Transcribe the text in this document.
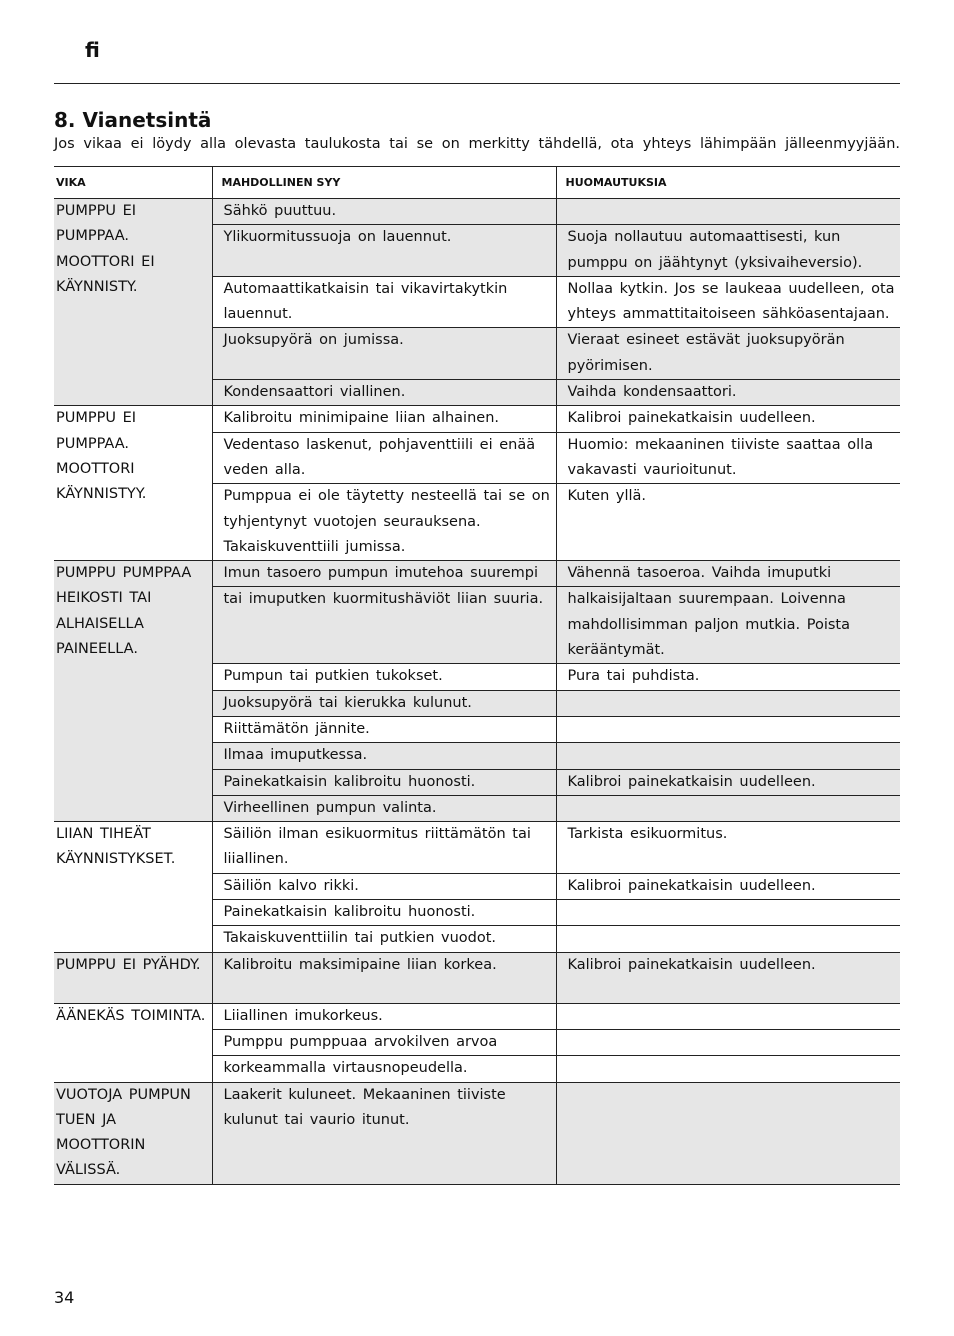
fi
8. Vianetsintä
Jos vikaa ei löydy alla olevasta taulukosta tai se on merkitty tähdellä, ota yhteys lähimpään jälleenmyyjään.
VIKA	MAHDOLLINEN SYY	HUOMAUTUKSIA
PUMPPU EI PUMPPAA. MOOTTORI EI KÄYNNISTY.	Sähkö puuttuu.	
	Ylikuormitussuoja on lauennut.	Suoja nollautuu automaattisesti, kun pumppu on jäähtynyt (yksivaiheversio).
	Automaattikatkaisin tai vikavirtakytkin lauennut.	Nollaa kytkin. Jos se laukeaa uudelleen, ota yhteys ammattitaitoiseen sähköasentajaan.
	Juoksupyörä on jumissa.	Vieraat esineet estävät juoksupyörän pyörimisen.
	Kondensaattori viallinen.	Vaihda kondensaattori.
PUMPPU EI PUMPPAA. MOOTTORI KÄYNNISTYY.	Kalibroitu minimipaine liian alhainen.	Kalibroi painekatkaisin uudelleen.
	Vedentaso laskenut, pohjaventtiili ei enää veden alla.	Huomio: mekaaninen tiiviste saattaa olla vakavasti vaurioitunut.
	Pumppua ei ole täytetty nesteellä tai se on tyhjentynyt vuotojen seurauksena. Takaiskuventtiili jumissa.	Kuten yllä.
PUMPPU PUMPPAA HEIKOSTI TAI ALHAISELLA PAINEELLA.	Imun tasoero pumpun imutehoa suurempi	Vähennä tasoeroa. Vaihda imuputki
	tai imuputken kuormitushäviöt liian suuria.	halkaisijaltaan suurempaan. Loivenna mahdollisimman paljon mutkia. Poista kerääntymät.
	Pumpun tai putkien tukokset.	Pura tai puhdista.
	Juoksupyörä tai kierukka kulunut.	
	Riittämätön jännite.	
	Ilmaa imuputkessa.	
	Painekatkaisin kalibroitu huonosti.	Kalibroi painekatkaisin uudelleen.
	Virheellinen pumpun valinta.	
LIIAN TIHEÄT KÄYNNISTYKSET.	Säiliön ilman esikuormitus riittämätön tai liiallinen.	Tarkista esikuormitus.
	Säiliön kalvo rikki.	Kalibroi painekatkaisin uudelleen.
	Painekatkaisin kalibroitu huonosti.	
	Takaiskuventtiilin tai putkien vuodot.	
PUMPPU EI PYÄHDY.	Kalibroitu maksimipaine liian korkea.	Kalibroi painekatkaisin uudelleen.
ÄÄNEKÄS TOIMINTA.	Liiallinen imukorkeus.	
	Pumppu pumppuaa arvokilven arvoa	
	korkeammalla virtausnopeudella.	
VUOTOJA PUMPUN TUEN JA MOOTTORIN VÄLISSÄ.	Laakerit kuluneet. Mekaaninen tiiviste kulunut tai vaurio itunut.	
34
